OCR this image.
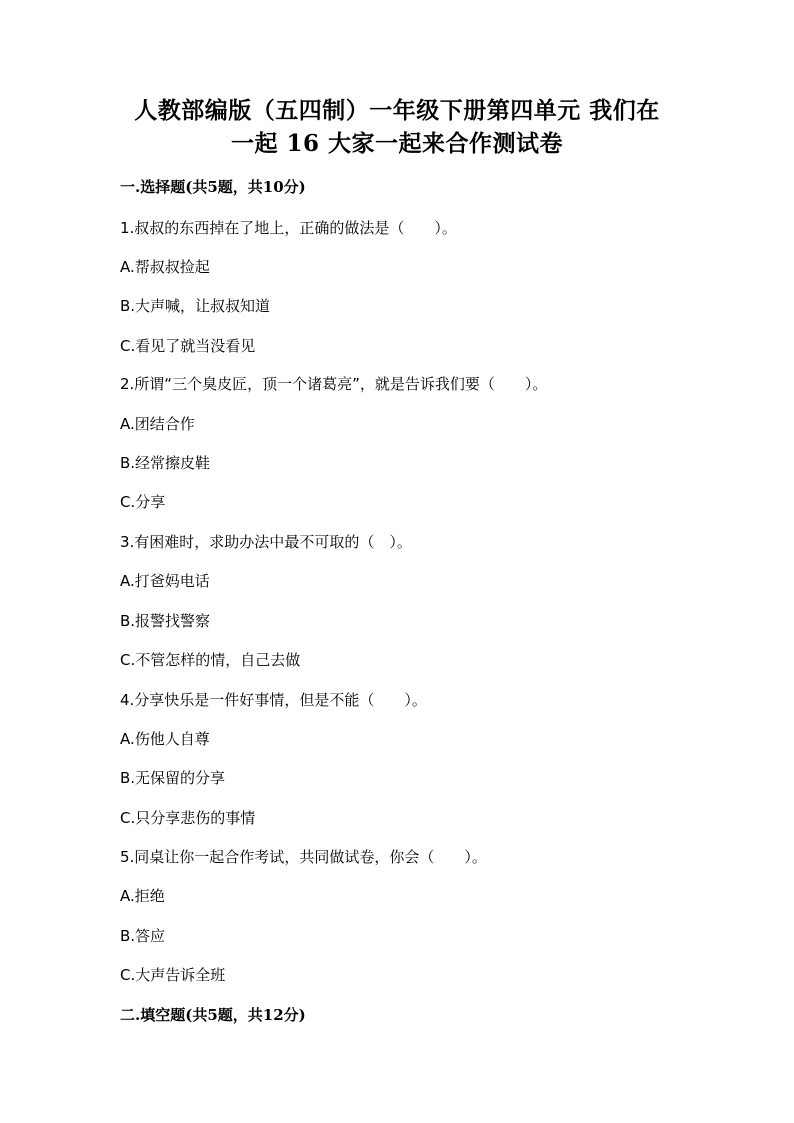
人教部编版（五四制）一年级下册第四单元 我们在
一起 16 大家一起来合作测试卷
一.选择题(共5题，共10分)
1.叔叔的东西掉在了地上，正确的做法是（　　）。
A.帮叔叔捡起
B.大声喊，让叔叔知道
C.看见了就当没看见
2.所谓“三个臭皮匠，顶一个诸葛亮”，就是告诉我们要（　　）。
A.团结合作
B.经常擦皮鞋
C.分享
3.有困难时，求助办法中最不可取的（　）。
A.打爸妈电话
B.报警找警察
C.不管怎样的情，自己去做
4.分享快乐是一件好事情，但是不能（　　）。
A.伤他人自尊
B.无保留的分享
C.只分享悲伤的事情
5.同桌让你一起合作考试，共同做试卷，你会（　　）。
A.拒绝
B.答应
C.大声告诉全班
二.填空题(共5题，共12分)
